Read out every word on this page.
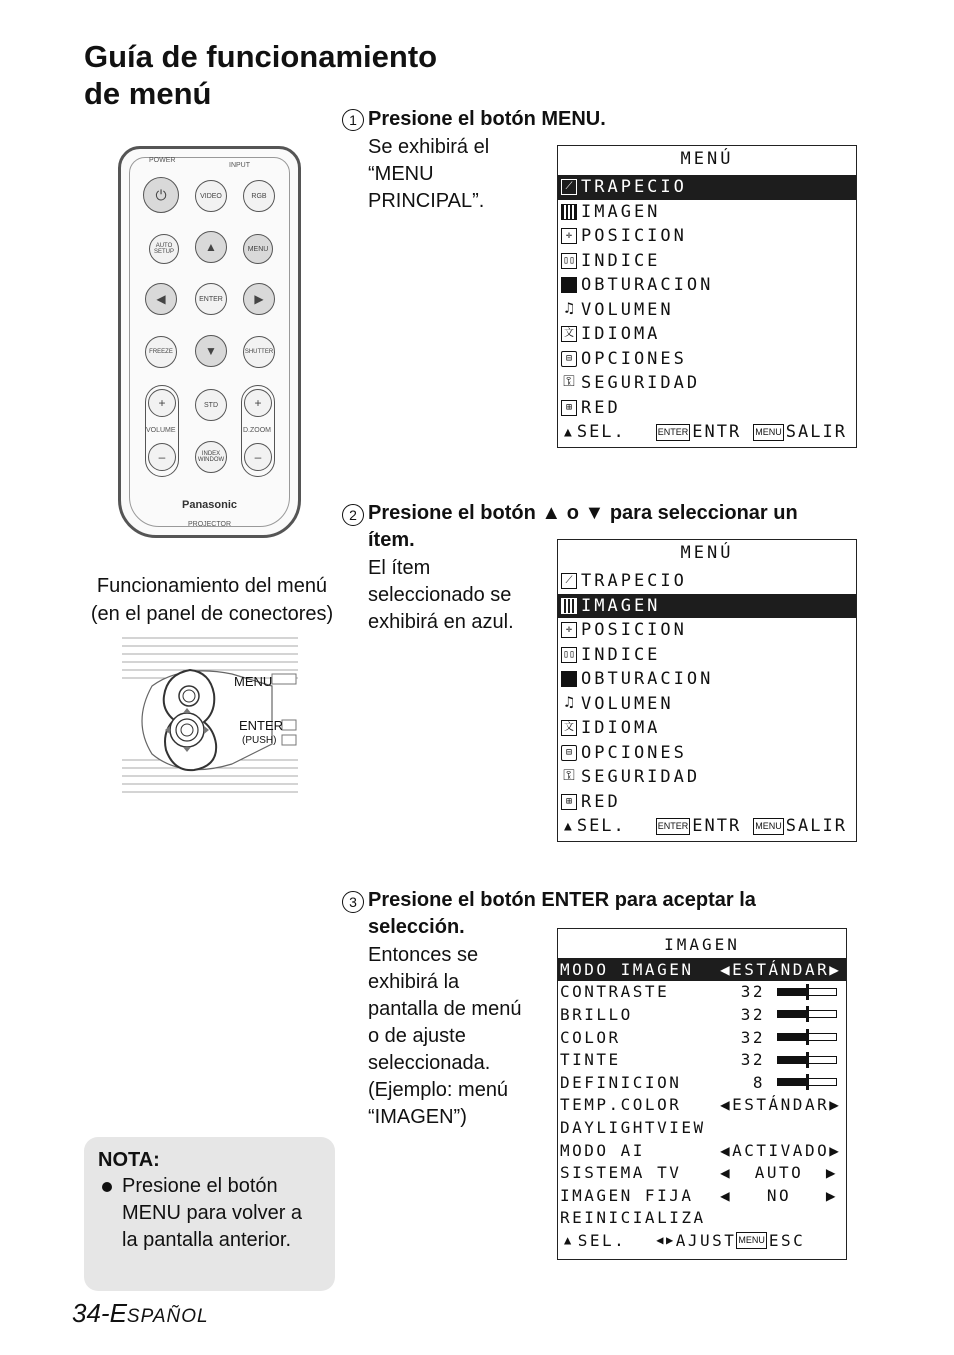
Guía de funcionamiento
de menú
POWER
INPUT
⏻	VIDEO	RGB
AUTO SETUP	▲	MENU
◀	ENTER	▶
FREEZE	▼	SHUTTER
STD
+
VOLUME
–
+
D.ZOOM
–
INDEX WINDOW
Panasonic
PROJECTOR
Funcionamiento del menú
(en el panel de conectores)
MENU
ENTER
(PUSH)
1 Presione el botón MENU.
Se exhibirá el
“MENU
PRINCIPAL”.
MENÚ
⟋ TRAPECIO
IMAGEN
✛ POSICION
▯▯ INDICE
OBTURACION
♫ VOLUMEN
文 IDIOMA
⊟ OPCIONES
⚿ SEGURIDAD
⊞ RED
▲ SEL.	ENTER ENTR MENU SALIR
2 Presione el botón ▲ o ▼ para seleccionar un
ítem.
El ítem
seleccionado se
exhibirá en azul.
MENÚ
⟋ TRAPECIO
IMAGEN
✛ POSICION
▯▯ INDICE
OBTURACION
♫ VOLUMEN
文 IDIOMA
⊟ OPCIONES
⚿ SEGURIDAD
⊞ RED
▲ SEL.	ENTER ENTR MENU SALIR
3 Presione el botón ENTER para aceptar la
selección.
Entonces se
exhibirá la
pantalla de menú
o de ajuste
seleccionada.
(Ejemplo: menú
“IMAGEN”)
IMAGEN
MODO IMAGEN	◀ ESTÁNDAR ▶
CONTRASTE	32
BRILLO	32
COLOR	32
TINTE	32
DEFINICION	8
TEMP.COLOR	◀ ESTÁNDAR ▶
DAYLIGHTVIEW
MODO AI	◀ ACTIVADO ▶
SISTEMA TV	◀ AUTO ▶
IMAGEN FIJA	◀ NO ▶
REINICIALIZA
▲ SEL.	◀▶ AJUST MENU ESC
NOTA:
Presione el botón MENU para volver a la pantalla anterior.
34-ESPAÑOL
